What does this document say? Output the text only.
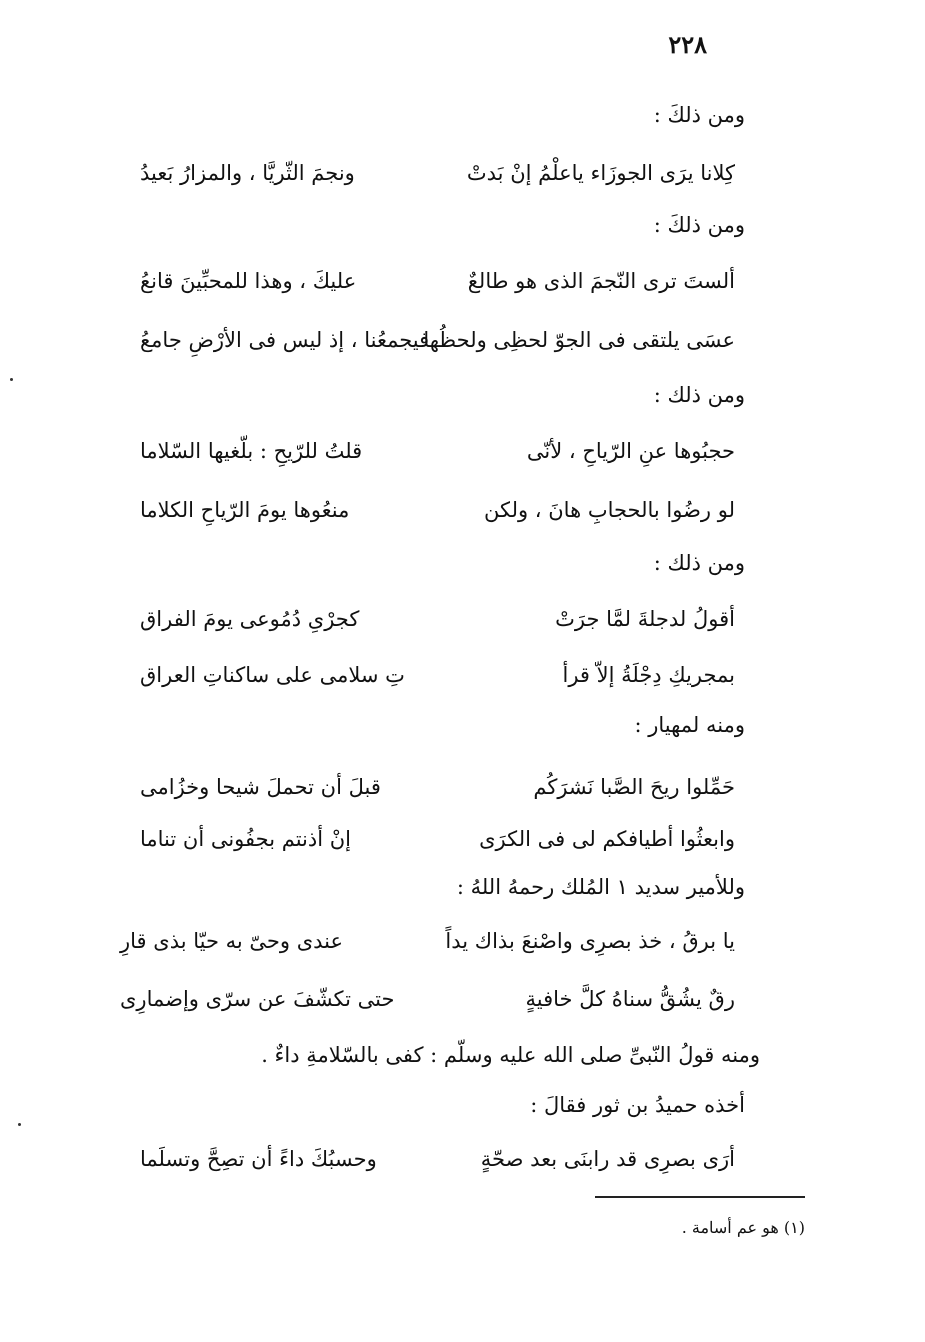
٢٢٨
ومن ذلكَ :
كِلانا يرَى الجوزَاء ياعلْمُ إنْ بَدتْ
ونجمَ الثّريَّا ، والمزارُ بَعيدُ
ومن ذلكَ :
ألستَ ترى النّجمَ الذى هو طالعٌ
عليكَ ، وهذا للمحبِّينَ قانعُ
عسَى يلتقى فى الجوّ لحظِى ولحظُها
فيجمعُنا ، إذ ليس فى الأرْضِ جامعُ
ومن ذلك :
حجبُوها عنِ الرّياحِ ، لأنّى
قلتُ للرّيحِ : بلّغيها السّلاما
لو رضُوا بالحجابِ هانَ ، ولكن
منعُوها يومَ الرّياحِ الكلاما
ومن ذلك :
أقولُ لدجلةَ لمَّا جرَتْ
كجرْىِ دُمُوعى يومَ الفراق
بمجريكِ دِجْلَةُ إلاّ قرأ
تِ سلامى على ساكناتِ العراق
ومنه لمهيار :
حَمِّلوا ريحَ الصَّبا نَشرَكُم
قبلَ أن تحملَ شيحا وخزُامى
وابعثُوا أطيافكم لى فى الكرَى
إنْ أذنتم بجفُونى أن تناما
وللأمير سديد ١ المُلك رحمهُ اللهُ :
يا برقُ ، خذ بصرِى واصْنعَ بذاك يداً
عندى وحىّ به حيّا بذى قارِ
رقٌ يشُقُّ سناهُ كلَّ خافيةٍ
حتى تكشّفَ عن سرّى وإضمارِى
ومنه قولُ النّبىِّ صلى الله عليه وسلّم : كفى بالسّلامةِ داءٌ .
أخذه حميدُ بن ثور فقالَ :
أرَى بصرِى قد رابنَى بعد صحّةٍ
وحسبُكَ داءً أن تصِحَّ وتسلَما
(١) هو عم أسامة .
